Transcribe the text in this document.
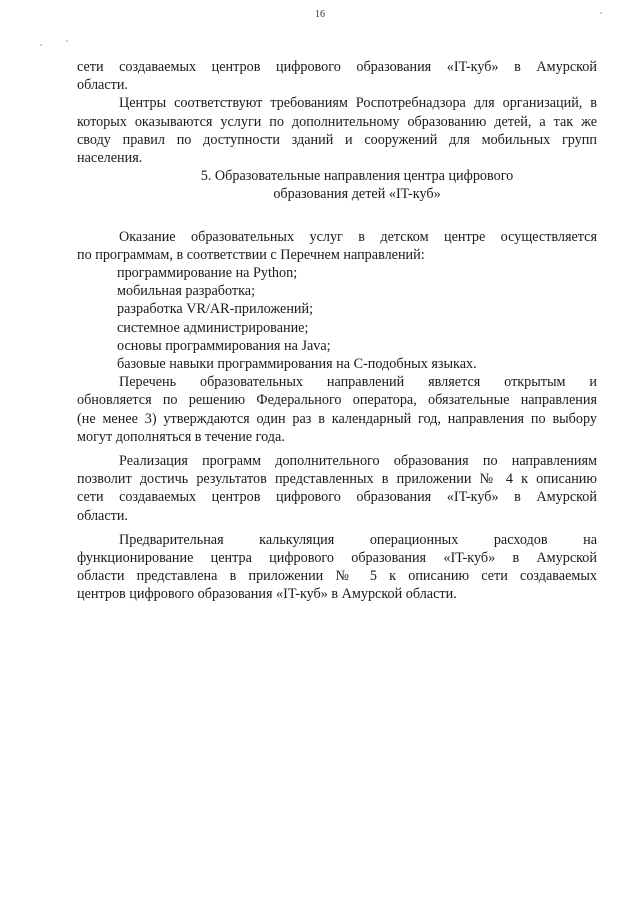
16

сети создаваемых центров цифрового образования «IT-куб» в Амурской

области.

Центры соответствуют требованиям Роспотребнадзора для организаций, в

которых оказываются услуги по дополнительному образованию детей, а так же

своду правил по доступности зданий и сооружений для мобильных групп

населения.

5. Образовательные направления центра цифрового
образования детей «IT-куб»

Оказание образовательных услуг в детском центре осуществляется

по программам, в соответствии с Перечнем направлений:

программирование на Python;
мобильная разработка;
разработка VR/AR-приложений;
системное администрирование;
основы программирования на Java;
базовые навыки программирования на С-подобных языках.

Перечень образовательных направлений является открытым и

обновляется по решению Федерального оператора, обязательные направления

(не менее 3) утверждаются один раз в календарный год, направления по выбору

могут дополняться в течение года.

Реализация программ дополнительного образования по направлениям

позволит достичь результатов представленных в приложении № 4 к описанию

сети создаваемых центров цифрового образования «IT-куб» в Амурской

области.

Предварительная калькуляция операционных расходов на

функционирование центра цифрового образования «IT-куб» в Амурской

области представлена в приложении № 5 к описанию сети создаваемых

центров цифрового образования «IT-куб» в Амурской области.
